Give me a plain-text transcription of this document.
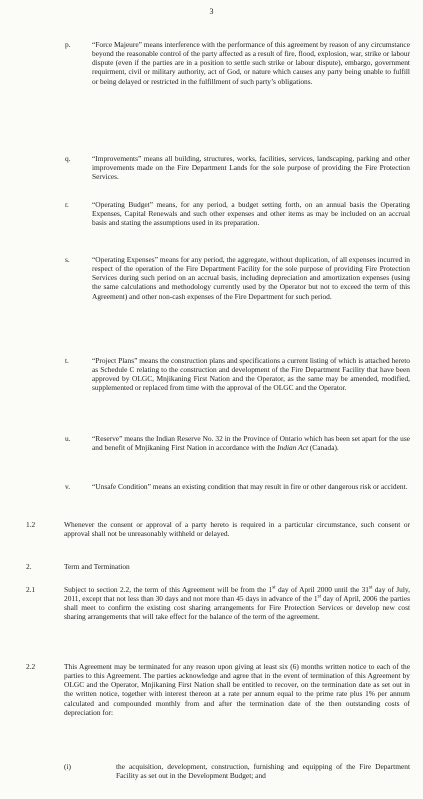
3
p.	“Force Majeure” means interference with the performance of this agreement by reason of any circumstance beyond the reasonable control of the party affected as a result of fire, flood, explosion, war, strike or labour dispute (even if the parties are in a position to settle such strike or labour dispute), embargo, government requirment, civil or military authority, act of God, or nature which causes any party being unable to fulfill or being delayed or restricted in the fulfillment of such party’s obligations.

q.	“Improvements” means all building, structures, works, facilities, services, landscaping, parking and other improvements made on the Fire Department Lands for the sole purpose of providing the Fire Protection Services.

r.	“Operating Budget” means, for any period, a budget setting forth, on an annual basis the Operating Expenses, Capital Renewals and such other expenses and other items as may be included on an accrual basis and stating the assumptions used in its preparation.

s.	“Operating Expenses” means for any period, the aggregate, without duplication, of all expenses incurred in respect of the operation of the Fire Department Facility for the sole purpose of providing Fire Protection Services during such period on an accrual basis, including depreciation and amortization expenses (using the same calculations and methodology currently used by the Operator but not to exceed the term of this Agreement) and other non-cash expenses of the Fire Department for such period.

t.	“Project Plans” means the construction plans and specifications a current listing of which is attached hereto as Schedule C relating to the construction and development of the Fire Department Facility that have been approved by OLGC, Mnjikaning First Nation and the Operator, as the same may be amended, modified, supplemented or replaced from time with the approval of the OLGC and the Operator.

u.	“Reserve” means the Indian Reserve No. 32 in the Province of Ontario which has been set apart for the use and benefit of Mnjikaning First Nation in accordance with the Indian Act (Canada).

v.	“Unsafe Condition” means an existing condition that may result in fire or other dangerous risk or accident.

1.2	Whenever the consent or approval of a party hereto is required in a particular circumstance, such consent or approval shall not be unreasonably withheld or delayed.

2.	Term and Termination
2.1	Subject to section 2.2, the term of this Agreement will be from the 1st day of April 2000 until the 31st day of July, 2011, except that not less than 30 days and not more than 45 days in advance of the 1st day of April, 2006 the parties shall meet to confirm the existing cost sharing arrangements for Fire Protection Services or develop new cost sharing arrangements that will take effect for the balance of the term of the agreement.

2.2	This Agreement may be terminated for any reason upon giving at least six (6) months written notice to each of the parties to this Agreement. The parties acknowledge and agree that in the event of termination of this Agreement by OLGC and the Operator, Mnjikaning First Nation shall be entitled to recover, on the termination date as set out in the written notice, together with interest thereon at a rate per annum equal to the prime rate plus 1% per annum calculated and compounded monthly from and after the termination date of the then outstanding costs of depreciation for:

(i)	the acquisition, development, construction, furnishing and equipping of the Fire Department Facility as set out in the Development Budget; and
